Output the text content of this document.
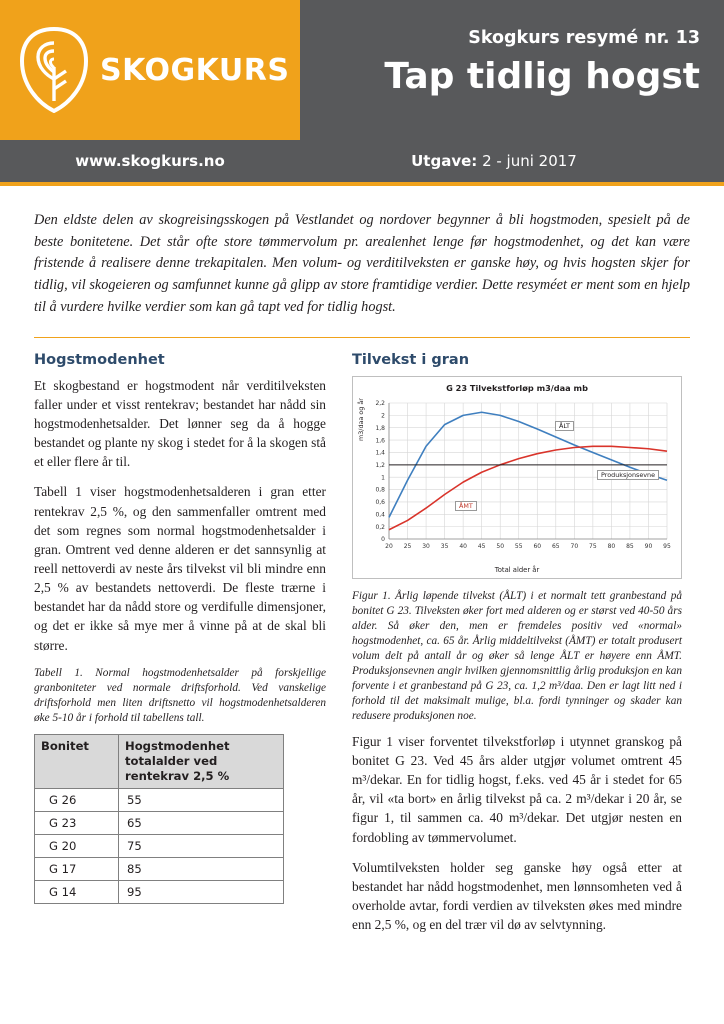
SKOGKURS
Skogkurs resymé nr. 13
Tap tidlig hogst
www.skogkurs.no	Utgave: 2 - juni 2017
Den eldste delen av skogreisingsskogen på Vestlandet og nordover begynner å bli hogstmoden, spesielt på de beste bonitetene. Det står ofte store tømmervolum pr. arealenhet lenge før hogstmodenhet, og det kan være fristende å realisere denne trekapitalen. Men volum- og verditilveksten er ganske høy, og hvis hogsten skjer for tidlig, vil skogeieren og samfunnet kunne gå glipp av store framtidige verdier. Dette resyméet er ment som en hjelp til å vurdere hvilke verdier som kan gå tapt ved for tidlig hogst.
Hogstmodenhet

Et skogbestand er hogstmodent når verditilveksten faller under et visst rentekrav; bestandet har nådd sin hogstmodenhetsalder. Det lønner seg da å hogge bestandet og plante ny skog i stedet for å la skogen stå et eller flere år til.

Tabell 1 viser hogstmodenhetsalderen i gran etter rentekrav 2,5 %, og den sammenfaller omtrent med det som regnes som normal hogstmodenhetsalder i gran. Omtrent ved denne alderen er det sannsynlig at reell nettoverdi av neste års tilvekst vil bli mindre enn 2,5 % av bestandets nettoverdi. De fleste trærne i bestandet har da nådd store og verdifulle dimensjoner, og det er ikke så mye mer å vinne på at de skal bli større.

Tabell 1. Normal hogstmodenhetsalder på forskjellige granboniteter ved normale driftsforhold. Ved vanskelige driftsforhold men liten driftsnetto vil hogstmodenhetsalderen øke 5-10 år i forhold til tabellens tall.
Bonitet	Hogstmodenhet totalalder ved rentekrav 2,5 %
G 26	55
G 23	65
G 20	75
G 17	85
G 14	95
Tilvekst i gran
G 23 Tilvekstforløp m3/daa mb
m3/daa og år
0
0,2
0,4
0,6
0,8
1
1,2
1,4
1,6
1,8
2
2,2
20 25 30 35 40 45 50 55 60 65 70 75 80 85 90 95
ÅLT
ÅMT
Produksjonsevne
Total alder år
Figur 1. Årlig løpende tilvekst (ÅLT) i et normalt tett granbestand på bonitet G 23. Tilveksten øker fort med alderen og er størst ved 40-50 års alder. Så øker den, men er fremdeles positiv ved «normal» hogstmodenhet, ca. 65 år. Årlig middeltilvekst (ÅMT) er totalt produsert volum delt på antall år og øker så lenge ÅLT er høyere enn ÅMT. Produksjonsevnen angir hvilken gjennomsnittlig årlig produksjon en kan forvente i et granbestand på G 23, ca. 1,2 m³/daa. Den er lagt litt ned i forhold til det maksimalt mulige, bl.a. fordi tynninger og skader kan redusere produksjonen noe.

Figur 1 viser forventet tilvekstforløp i utynnet granskog på bonitet G 23. Ved 45 års alder utgjør volumet omtrent 45 m³/dekar. En for tidlig hogst, f.eks. ved 45 år i stedet for 65 år, vil «ta bort» en årlig tilvekst på ca. 2 m³/dekar i 20 år, se figur 1, til sammen ca. 40 m³/dekar. Det utgjør nesten en fordobling av tømmervolumet.

Volumtilveksten holder seg ganske høy også etter at bestandet har nådd hogstmodenhet, men lønnsomheten ved å overholde avtar, fordi verdien av tilveksten økes med mindre enn 2,5 %, og en del trær vil dø av selvtynning.
